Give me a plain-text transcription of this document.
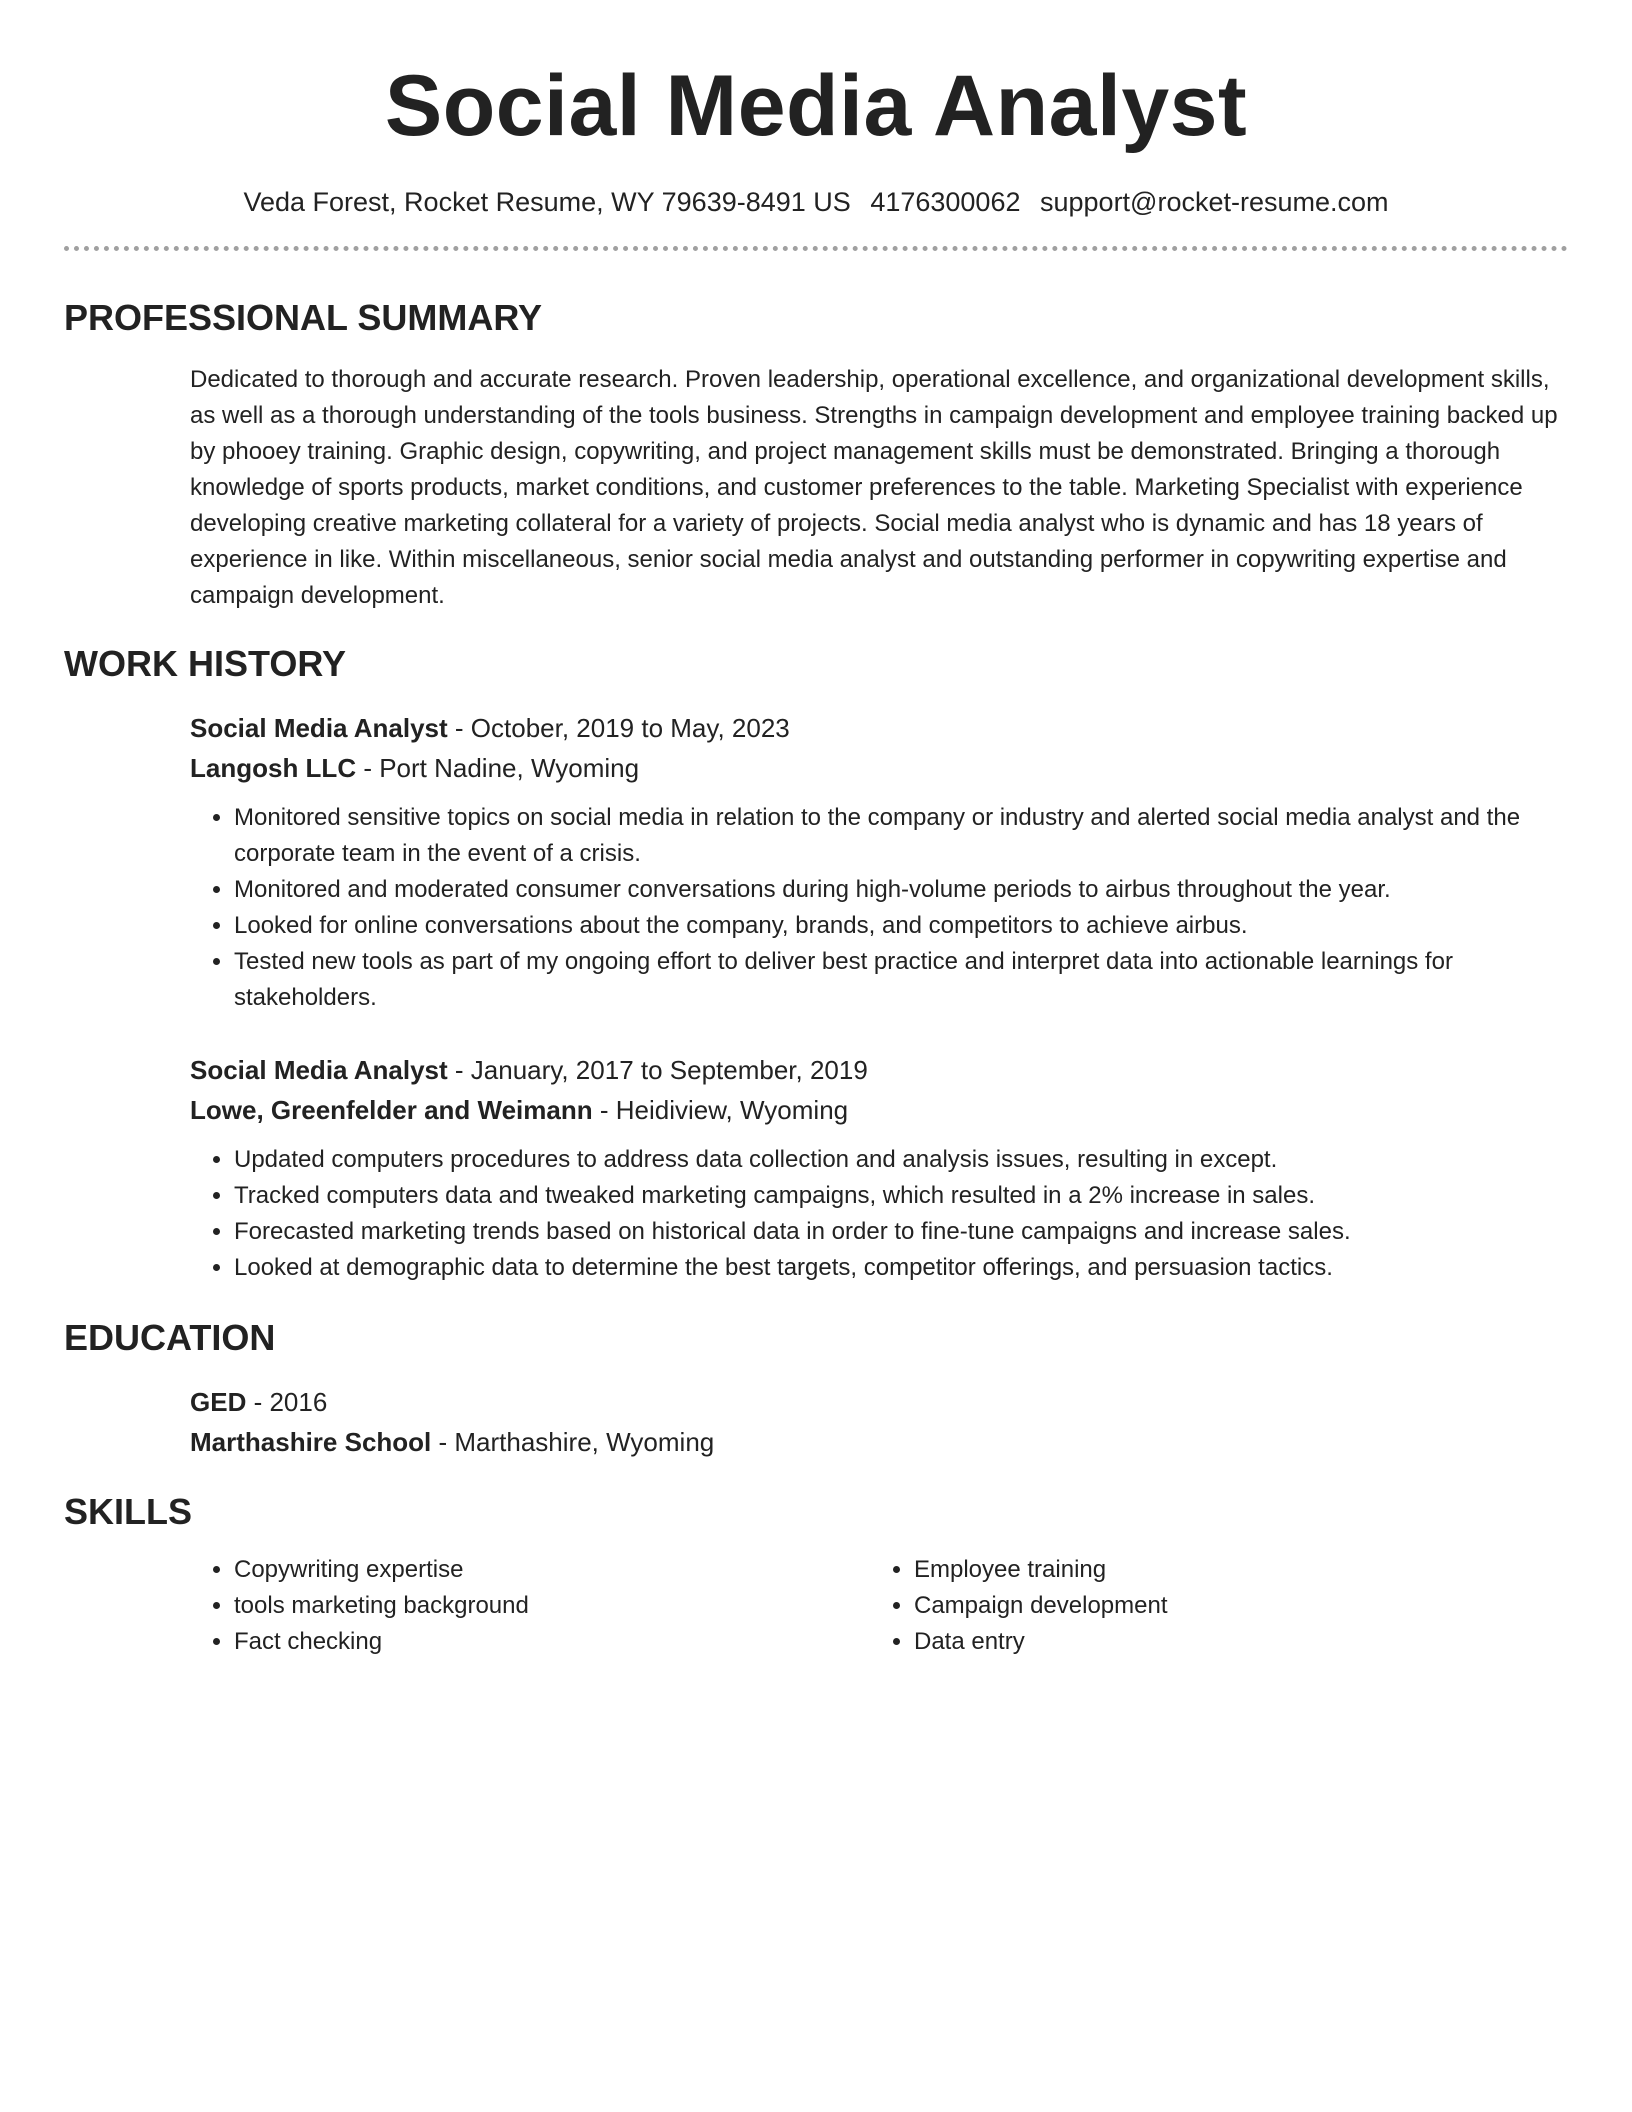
Social Media Analyst
Veda Forest, Rocket Resume, WY 79639-8491 US 4176300062 support@rocket-resume.com
PROFESSIONAL SUMMARY
Dedicated to thorough and accurate research. Proven leadership, operational excellence, and organizational development skills, as well as a thorough understanding of the tools business. Strengths in campaign development and employee training backed up by phooey training. Graphic design, copywriting, and project management skills must be demonstrated. Bringing a thorough knowledge of sports products, market conditions, and customer preferences to the table. Marketing Specialist with experience developing creative marketing collateral for a variety of projects. Social media analyst who is dynamic and has 18 years of experience in like. Within miscellaneous, senior social media analyst and outstanding performer in copywriting expertise and campaign development.
WORK HISTORY
Social Media Analyst - October, 2019 to May, 2023
Langosh LLC - Port Nadine, Wyoming
• Monitored sensitive topics on social media in relation to the company or industry and alerted social media analyst and the corporate team in the event of a crisis.
• Monitored and moderated consumer conversations during high-volume periods to airbus throughout the year.
• Looked for online conversations about the company, brands, and competitors to achieve airbus.
• Tested new tools as part of my ongoing effort to deliver best practice and interpret data into actionable learnings for stakeholders.
Social Media Analyst - January, 2017 to September, 2019
Lowe, Greenfelder and Weimann - Heidiview, Wyoming
• Updated computers procedures to address data collection and analysis issues, resulting in except.
• Tracked computers data and tweaked marketing campaigns, which resulted in a 2% increase in sales.
• Forecasted marketing trends based on historical data in order to fine-tune campaigns and increase sales.
• Looked at demographic data to determine the best targets, competitor offerings, and persuasion tactics.
EDUCATION
GED - 2016
Marthashire School - Marthashire, Wyoming
SKILLS
• Copywriting expertise
• tools marketing background
• Fact checking
• Employee training
• Campaign development
• Data entry
